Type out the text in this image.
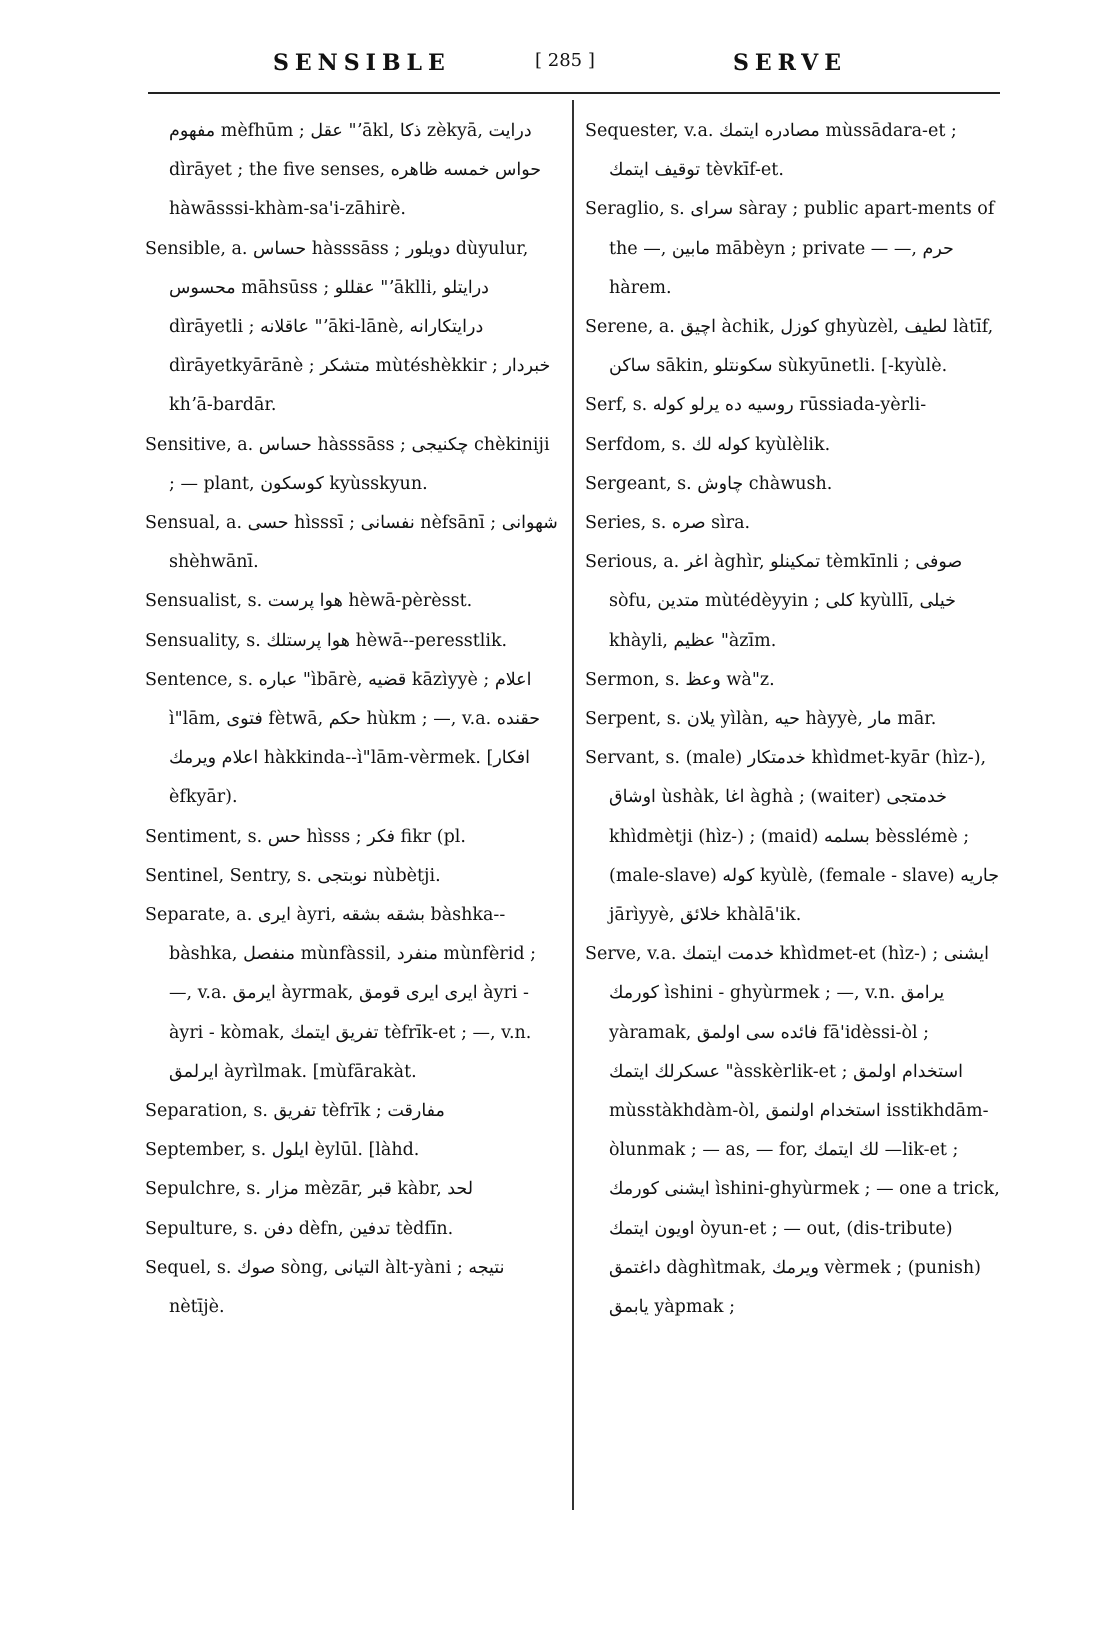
SENSIBLE	[ 285 ]	SERVE

مفهوم mèfhūm ; عقل "ʼākl, ذكا zèkyā, درايت dìrāyet ; the five senses, حواس خمسه ظاهره hàwāsssi-khàm-sa'i-zāhirè.

Sensible, a. حساس hàsssāss ; دويلور dùyulur, محسوس māhsūss ; عقللو "ʼāklli, درايتلو dìrāyetli ; عاقلانه "ʼāki-lānè, درايتكارانه dìrāyetkyārānè ; متشكر mùtéshèkkir ; خبردار khʼā-bardār.

Sensitive, a. حساس hàsssāss ; چكنيجى chèkiniji ; — plant, كوسكون kyùsskyun.

Sensual, a. حسى hìsssī ; نفسانى nèfsānī ; شهوانى shèhwānī.

Sensualist, s. هوا پرست hèwā-pèrèsst.

Sensuality, s. هوا پرستلك hèwā--peresstlik.

Sentence, s. عباره "ìbārè, قضيه kāzìyyè ; اعلام ì"lām, فتوى fètwā, حكم hùkm ; —, v.a. حقنده اعلام ويرمك hàkkinda--ì"lām-vèrmek. [افكار èfkyār).

Sentiment, s. حس hìsss ; فكر fikr (pl.

Sentinel, Sentry, s. نوبتجى nùbètji.

Separate, a. ايرى àyri, بشقه بشقه bàshka--bàshka, منفصل mùnfàssil, منفرد mùnfèrid ; —, v.a. ايرمق àyrmak, ايرى ايرى قومق àyri - àyri - kòmak, تفريق ايتمك tèfrīk-et ; —, v.n. ايرلمق àyrìlmak. [mùfārakàt.

Separation, s. تفريق tèfrīk ; مفارقت

September, s. ايلول èylūl. [làhd.

Sepulchre, s. مزار mèzār, قبر kàbr, لحد

Sepulture, s. دفن dèfn, تدفين tèdfīn.

Sequel, s. صوك sòng, التيانى àlt-yàni ; نتيجه nètījè.

Sequester, v.a. مصادره ايتمك mùssādara-et ; توقيف ايتمك tèvkīf-et.

Seraglio, s. سراى sàray ; public apart-ments of the —, مابين mābèyn ; private — —, حرم hàrem.

Serene, a. اچيق àchik, كوزل ghyùzèl, لطيف làtīf, ساكن sākin, سكونتلو sùkyūnetli. [-kyùlè.

Serf, s. روسيه ده يرلو كوله rūssiada-yèrli-

Serfdom, s. كوله لك kyùlèlik.

Sergeant, s. چاوش chàwush.

Series, s. صره sìra.

Serious, a. اغر àghìr, تمكينلو tèmkīnli ; صوفى sòfu, متدين mùtédèyyin ; كلى kyùllī, خيلى khàyli, عظيم "àzīm.

Sermon, s. وعظ wà"z.

Serpent, s. يلان yìlàn, حيه hàyyè, مار mār.

Servant, s. (male) خدمتكار khìdmet-kyār (hìz-), اوشاق ùshàk, اغا àghà ; (waiter) خدمتجى khìdmètji (hìz-) ; (maid) بسلمه bèsslémè ; (male-slave) كوله kyùlè, (female - slave) جاريه jārìyyè, خلائق khàlā'ik.

Serve, v.a. خدمت ايتمك khìdmet-et (hìz-) ; ايشنى كورمك ìshini - ghyùrmek ; —, v.n. يرامق yàramak, فائده سى اولمق fā'idèssi-òl ; عسكرلك ايتمك "àsskèrlik-et ; استخدام اولمق mùsstàkhdàm-òl, استخدام اولنمق isstikhdām-òlunmak ; — as, — for, لك ايتمك —lik-et ; ايشنى كورمك ìshini-ghyùrmek ; — one a trick, اويون ايتمك òyun-et ; — out, (dis-tribute) داغتمق dàghìtmak, ويرمك vèrmek ; (punish) يابمق yàpmak ;
